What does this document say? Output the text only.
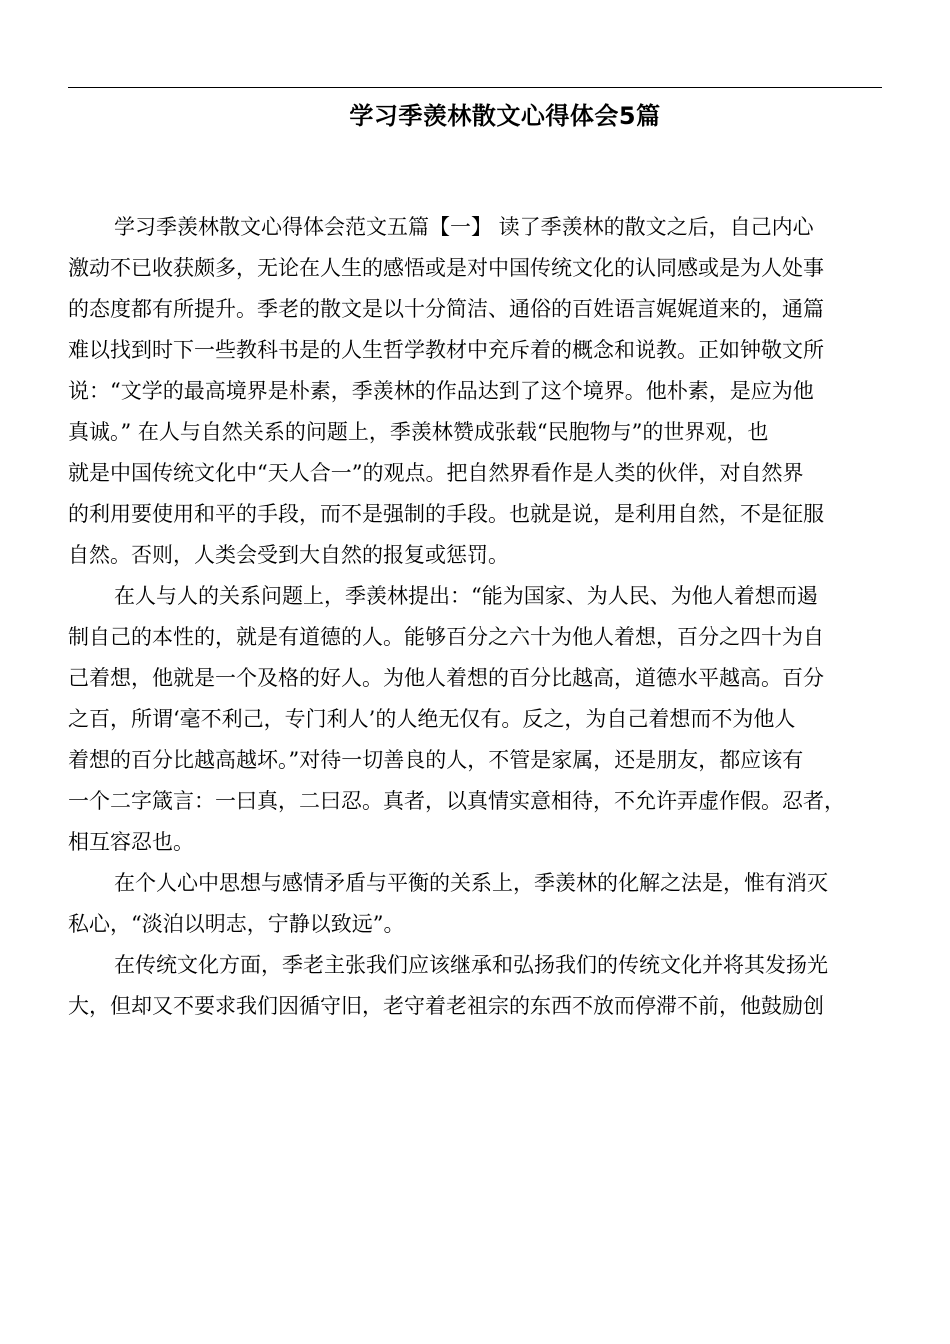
学习季羡林散文心得体会5篇
学习季羡林散文心得体会范文五篇【一】 读了季羡林的散文之后，自己内心
激动不已收获颇多，无论在人生的感悟或是对中国传统文化的认同感或是为人处事
的态度都有所提升。季老的散文是以十分简洁、通俗的百姓语言娓娓道来的，通篇
难以找到时下一些教科书是的人生哲学教材中充斥着的概念和说教。正如钟敬文所
说：“文学的最高境界是朴素，季羡林的作品达到了这个境界。他朴素，是应为他
真诚。” 在人与自然关系的问题上，季羡林赞成张载“民胞物与”的世界观，也
就是中国传统文化中“天人合一”的观点。把自然界看作是人类的伙伴，对自然界
的利用要使用和平的手段，而不是强制的手段。也就是说，是利用自然，不是征服
自然。否则，人类会受到大自然的报复或惩罚。
在人与人的关系问题上，季羡林提出：“能为国家、为人民、为他人着想而遏
制自己的本性的，就是有道德的人。能够百分之六十为他人着想，百分之四十为自
己着想，他就是一个及格的好人。为他人着想的百分比越高，道德水平越高。百分
之百，所谓‘毫不利己，专门利人’的人绝无仅有。反之，为自己着想而不为他人
着想的百分比越高越坏。”对待一切善良的人，不管是家属，还是朋友，都应该有
一个二字箴言：一曰真，二曰忍。真者，以真情实意相待，不允许弄虚作假。忍者，
相互容忍也。
在个人心中思想与感情矛盾与平衡的关系上，季羡林的化解之法是，惟有消灭
私心，“淡泊以明志，宁静以致远”。
在传统文化方面，季老主张我们应该继承和弘扬我们的传统文化并将其发扬光
大，但却又不要求我们因循守旧，老守着老祖宗的东西不放而停滞不前，他鼓励创
